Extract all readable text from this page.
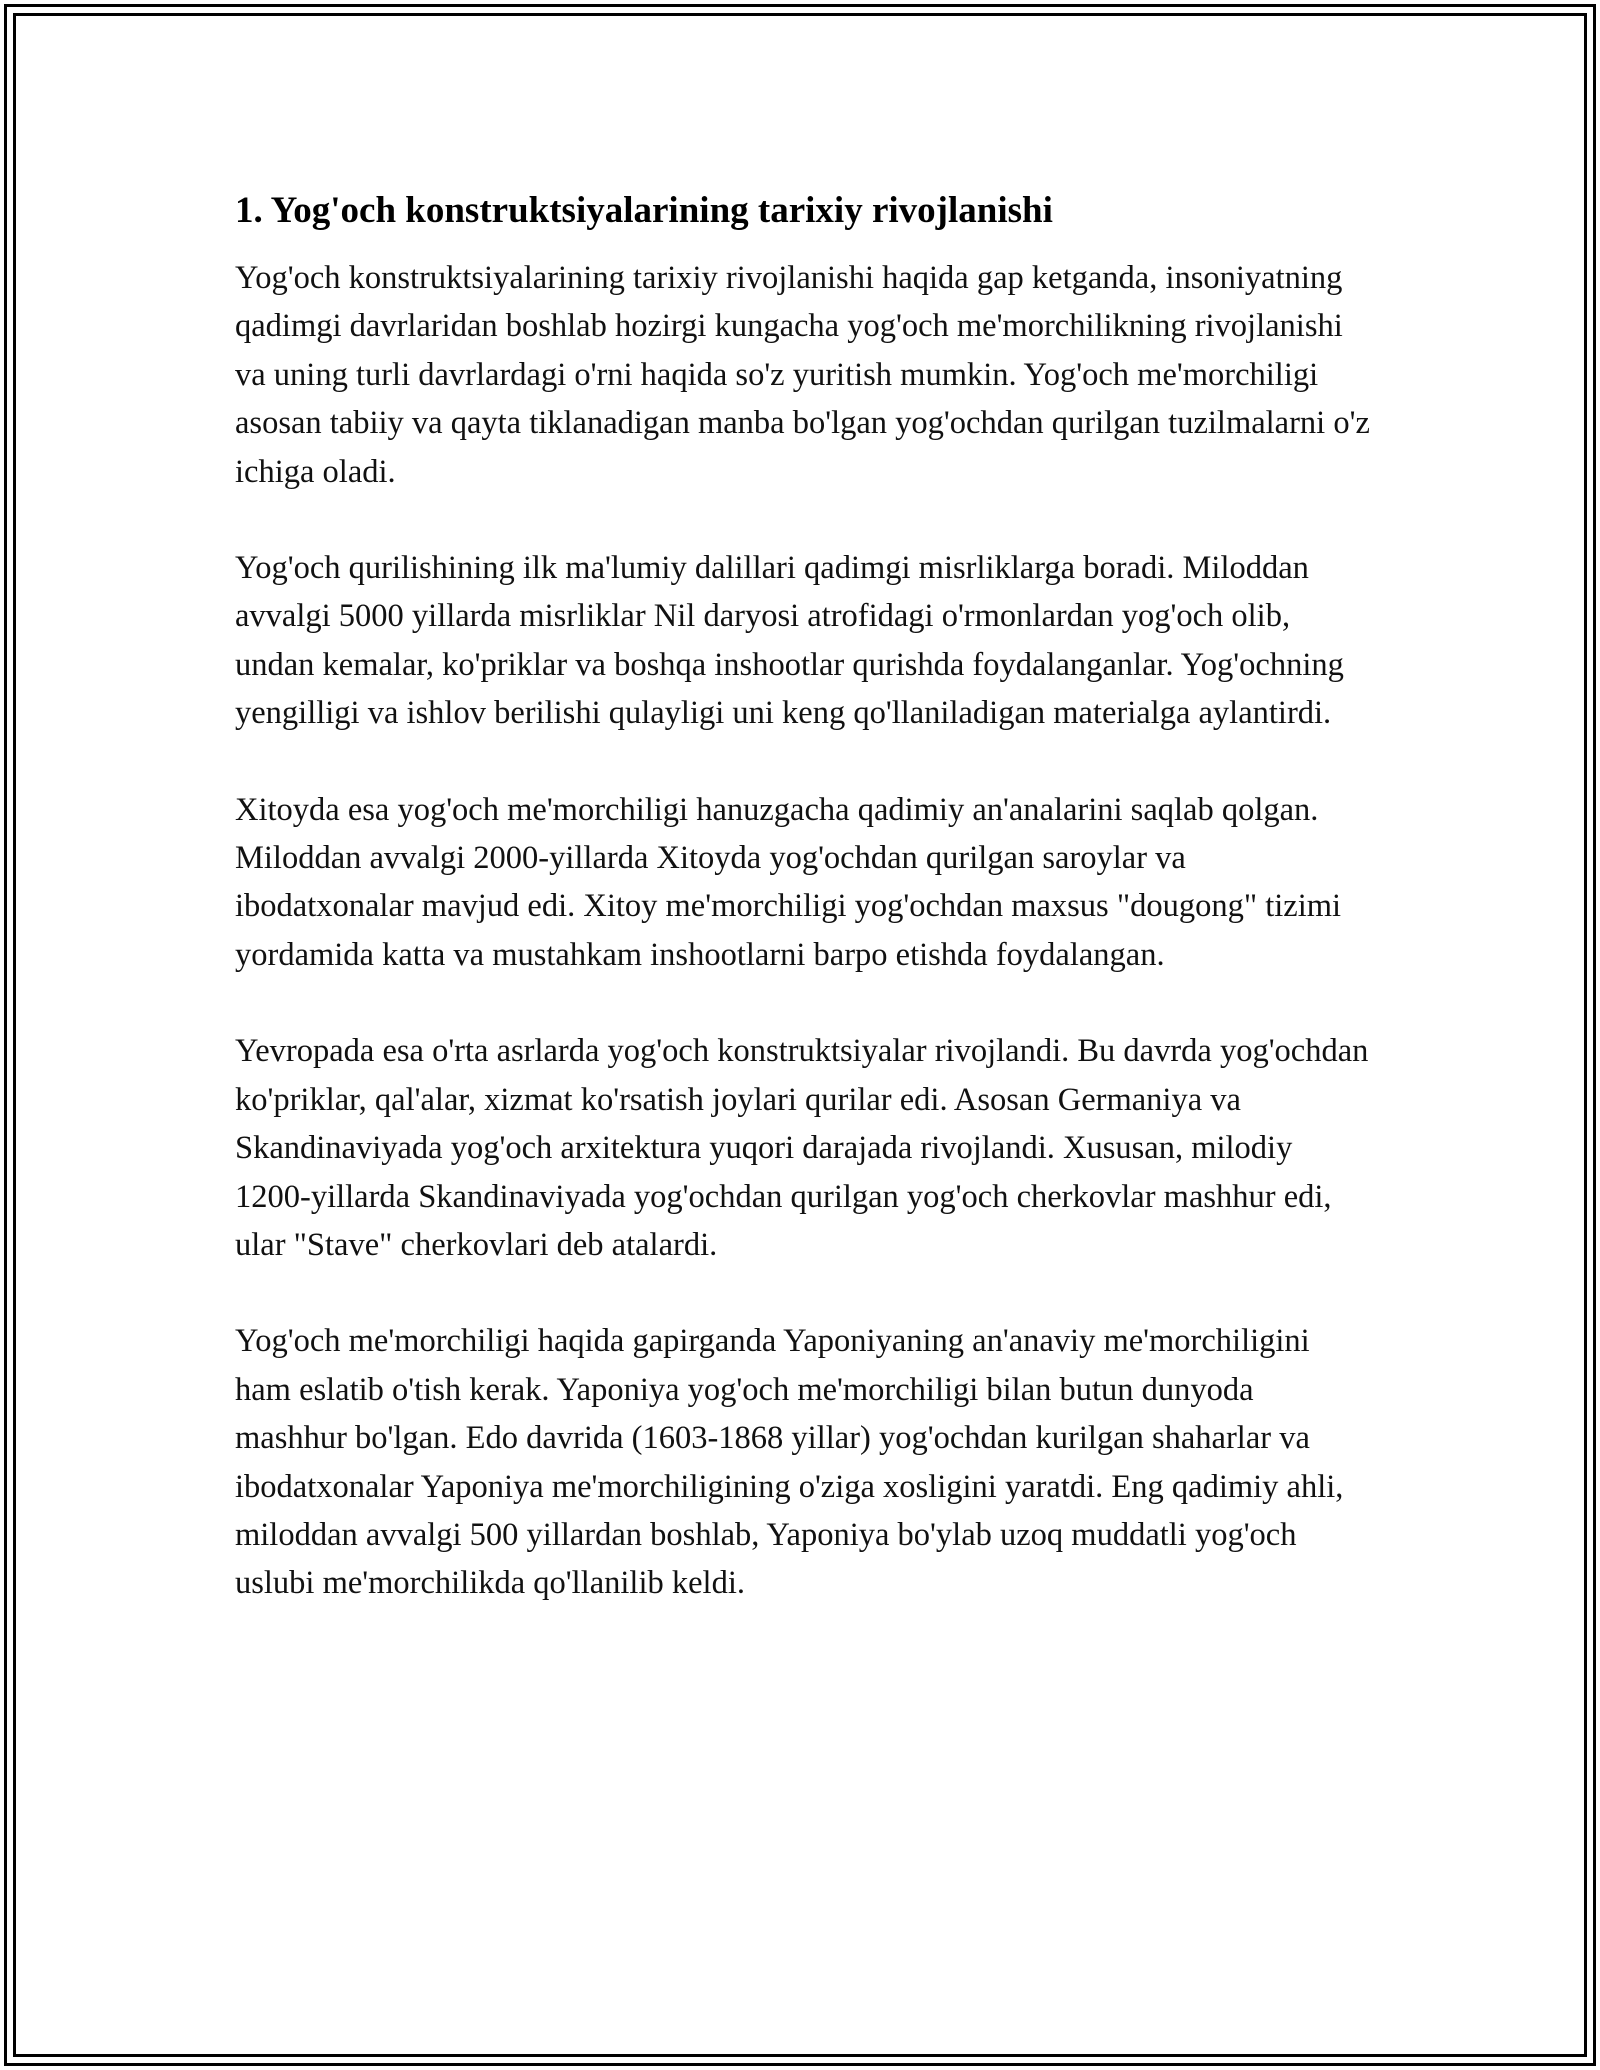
1. Yog'och konstruktsiyalarining tarixiy rivojlanishi

Yog'och konstruktsiyalarining tarixiy rivojlanishi haqida gap ketganda, insoniyatning qadimgi davrlaridan boshlab hozirgi kungacha yog'och me'morchilikning rivojlanishi va uning turli davrlardagi o'rni haqida so'z yuritish mumkin. Yog'och me'morchiligi asosan tabiiy va qayta tiklanadigan manba bo'lgan yog'ochdan qurilgan tuzilmalarni o'z ichiga oladi.

Yog'och qurilishining ilk ma'lumiy dalillari qadimgi misrliklarga boradi. Miloddan avvalgi 5000 yillarda misrliklar Nil daryosi atrofidagi o'rmonlardan yog'och olib, undan kemalar, ko'priklar va boshqa inshootlar qurishda foydalanganlar. Yog'ochning yengilligi va ishlov berilishi qulayligi uni keng qo'llaniladigan materialga aylantirdi.

Xitoyda esa yog'och me'morchiligi hanuzgacha qadimiy an'analarini saqlab qolgan. Miloddan avvalgi 2000-yillarda Xitoyda yog'ochdan qurilgan saroylar va ibodatxonalar mavjud edi. Xitoy me'morchiligi yog'ochdan maxsus "dougong" tizimi yordamida katta va mustahkam inshootlarni barpo etishda foydalangan.

Yevropada esa o'rta asrlarda yog'och konstruktsiyalar rivojlandi. Bu davrda yog'ochdan ko'priklar, qal'alar, xizmat ko'rsatish joylari qurilar edi. Asosan Germaniya va Skandinaviyada yog'och arxitektura yuqori darajada rivojlandi. Xususan, milodiy 1200-yillarda Skandinaviyada yog'ochdan qurilgan yog'och cherkovlar mashhur edi, ular "Stave" cherkovlari deb atalardi.

Yog'och me'morchiligi haqida gapirganda Yaponiyaning an'anaviy me'morchiligini ham eslatib o'tish kerak. Yaponiya yog'och me'morchiligi bilan butun dunyoda mashhur bo'lgan. Edo davrida (1603-1868 yillar) yog'ochdan kurilgan shaharlar va ibodatxonalar Yaponiya me'morchiligining o'ziga xosligini yaratdi. Eng qadimiy ahli, miloddan avvalgi 500 yillardan boshlab, Yaponiya bo'ylab uzoq muddatli yog'och uslubi me'morchilikda qo'llanilib keldi.
